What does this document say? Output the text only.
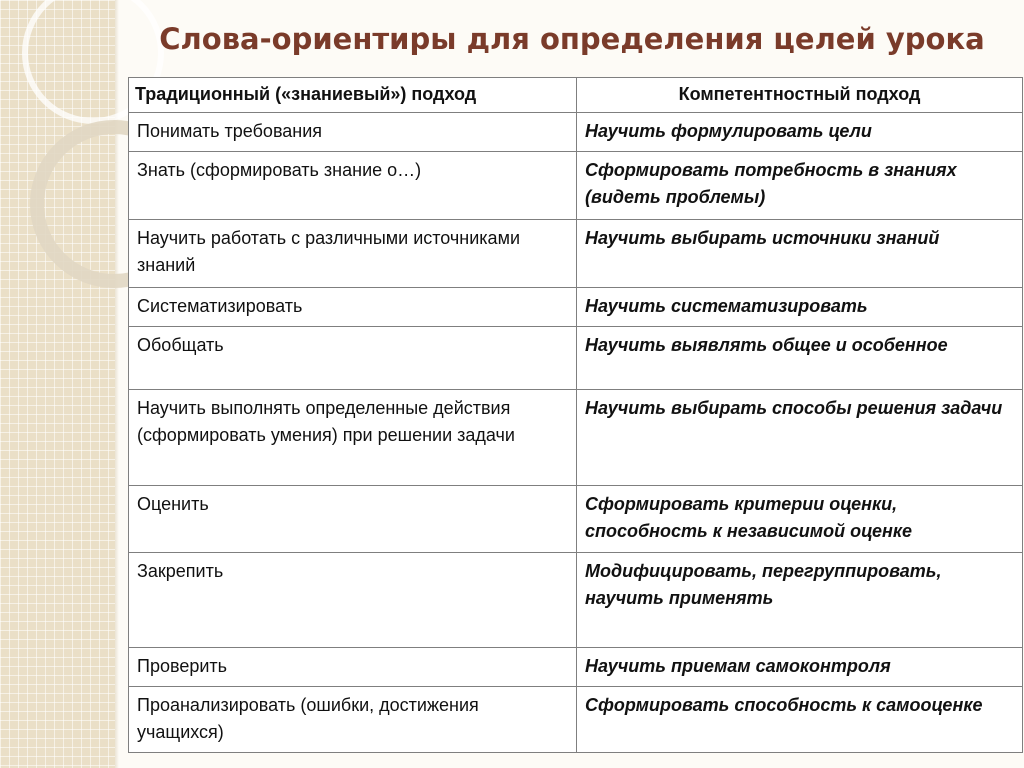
Слова-ориентиры для определения целей урока
Традиционный («знаниевый») подход	Компетентностный подход
Понимать требования	Научить формулировать цели
Знать (сформировать знание о…)	Сформировать потребность в знаниях (видеть проблемы)
Научить работать с различными источниками знаний	Научить выбирать источники знаний
Систематизировать	Научить систематизировать
Обобщать	Научить выявлять общее и особенное
Научить выполнять определенные действия (сформировать умения) при решении задачи	Научить выбирать способы решения задачи
Оценить	Сформировать критерии оценки, способность к независимой оценке
Закрепить	Модифицировать, перегруппировать, научить применять
Проверить	Научить приемам самоконтроля
Проанализировать (ошибки, достижения учащихся)	Сформировать способность к самооценке
